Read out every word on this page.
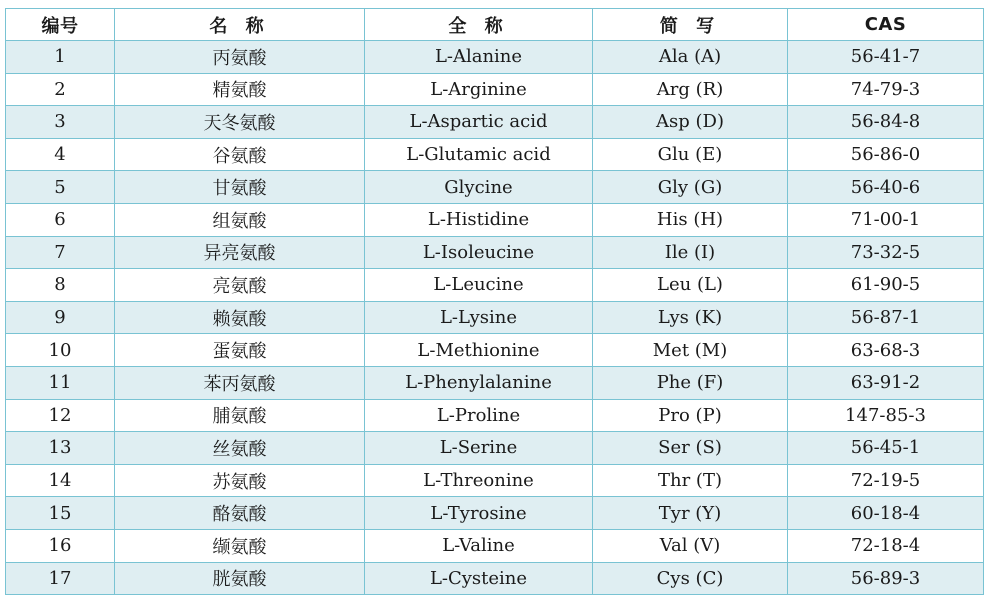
编号	名 称	全 称	简 写	CAS
1	丙氨酸	L-Alanine	Ala (A)	56-41-7
2	精氨酸	L-Arginine	Arg (R)	74-79-3
3	天冬氨酸	L-Aspartic acid	Asp (D)	56-84-8
4	谷氨酸	L-Glutamic acid	Glu (E)	56-86-0
5	甘氨酸	Glycine	Gly (G)	56-40-6
6	组氨酸	L-Histidine	His (H)	71-00-1
7	异亮氨酸	L-Isoleucine	Ile (I)	73-32-5
8	亮氨酸	L-Leucine	Leu (L)	61-90-5
9	赖氨酸	L-Lysine	Lys (K)	56-87-1
10	蛋氨酸	L-Methionine	Met (M)	63-68-3
11	苯丙氨酸	L-Phenylalanine	Phe (F)	63-91-2
12	脯氨酸	L-Proline	Pro (P)	147-85-3
13	丝氨酸	L-Serine	Ser (S)	56-45-1
14	苏氨酸	L-Threonine	Thr (T)	72-19-5
15	酪氨酸	L-Tyrosine	Tyr (Y)	60-18-4
16	缬氨酸	L-Valine	Val (V)	72-18-4
17	胱氨酸	L-Cysteine	Cys (C)	56-89-3
